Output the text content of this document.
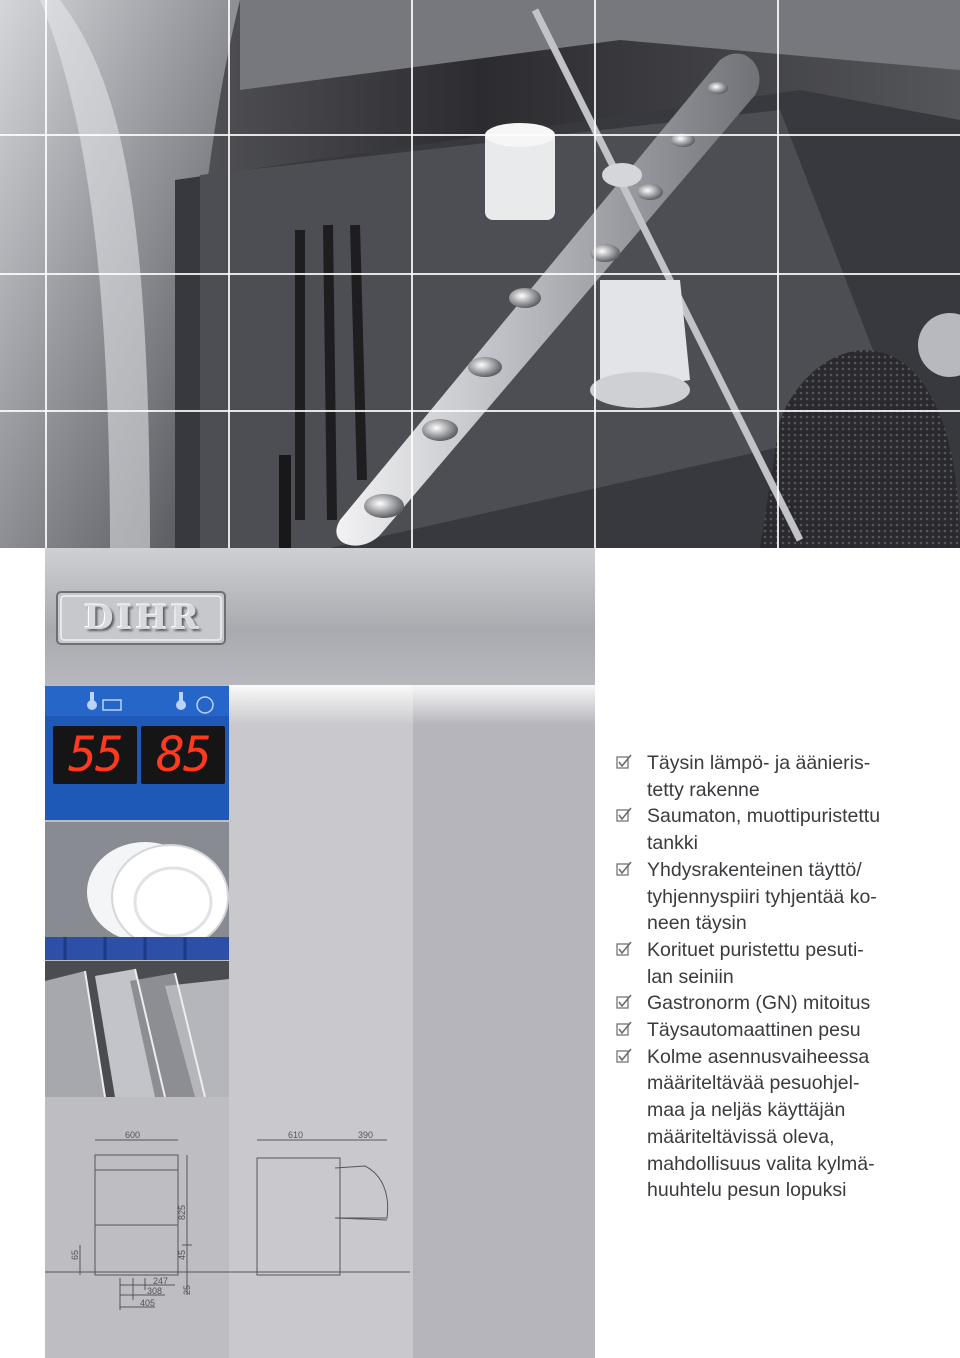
DIHR
55 85
600	610	390
825
65	45
25
247
308
405
Täysin lämpö- ja äänieris-
tetty rakenne
Saumaton, muottipuristettu
tankki
Yhdysrakenteinen täyttö/
tyhjennyspiiri tyhjentää ko-
neen täysin
Korituet puristettu pesuti-
lan seiniin
Gastronorm (GN) mitoitus
Täysautomaattinen pesu
Kolme asennusvaiheessa
määriteltävää pesuohjel-
maa ja neljäs käyttäjän
määriteltävissä oleva,
mahdollisuus valita kylmä-
huuhtelu pesun lopuksi
